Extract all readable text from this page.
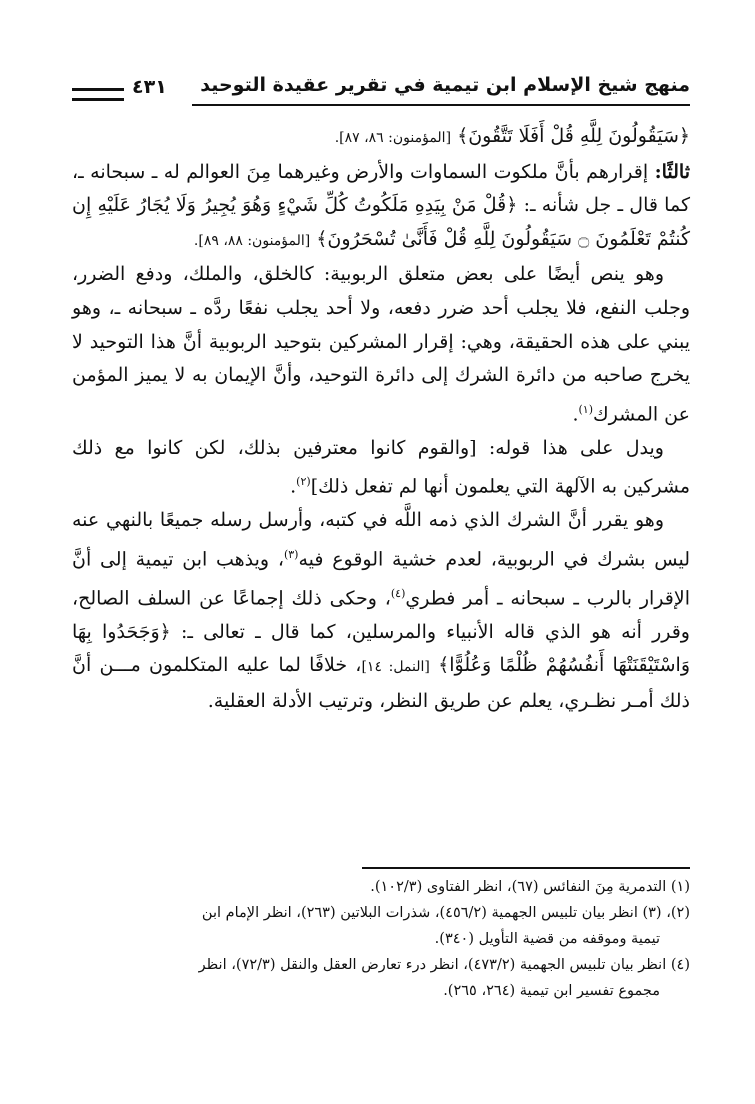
منهج شيخ الإسلام ابن تيمية في تقرير عقيدة التوحيد
٤٣١

﴿سَيَقُولُونَ لِلَّهِ قُلْ أَفَلَا تَتَّقُونَ﴾ [المؤمنون: ٨٦، ٨٧].

ثالثًا: إقرارهم بأنَّ ملكوت السماوات والأرض وغيرهما مِنَ العوالم له ـ سبحانه ـ، كما قال ـ جل شأنه ـ: ﴿قُلْ مَنْ بِيَدِهِ مَلَكُوتُ كُلِّ شَيْءٍ وَهُوَ يُجِيرُ وَلَا يُجَارُ عَلَيْهِ إِن كُنتُمْ تَعْلَمُونَ ۝ سَيَقُولُونَ لِلَّهِ قُلْ فَأَنَّىٰ تُسْحَرُونَ﴾ [المؤمنون: ٨٨، ٨٩].

وهو ينص أيضًا على بعض متعلق الربوبية: كالخلق، والملك، ودفع الضرر، وجلب النفع، فلا يجلب أحد ضرر دفعه، ولا أحد يجلب نفعًا ردَّه ـ سبحانه ـ، وهو يبني على هذه الحقيقة، وهي: إقرار المشركين بتوحيد الربوبية أنَّ هذا التوحيد لا يخرج صاحبه من دائرة الشرك إلى دائرة التوحيد، وأنَّ الإيمان به لا يميز المؤمن عن المشرك$^{(١)}$.

ويدل على هذا قوله: [والقوم كانوا معترفين بذلك، لكن كانوا مع ذلك مشركين به الآلهة التي يعلمون أنها لم تفعل ذلك]$^{(٢)}$.

وهو يقرر أنَّ الشرك الذي ذمه اللَّه في كتبه، وأرسل رسله جميعًا بالنهي عنه ليس بشرك في الربوبية، لعدم خشية الوقوع فيه$^{(٣)}$، ويذهب ابن تيمية إلى أنَّ الإقرار بالرب ـ سبحانه ـ أمر فطري$^{(٤)}$، وحكى ذلك إجماعًا عن السلف الصالح، وقرر أنه هو الذي قاله الأنبياء والمرسلين، كما قال ـ تعالى ـ: ﴿وَجَحَدُوا بِهَا وَاسْتَيْقَنَتْهَا أَنفُسُهُمْ ظُلْمًا وَعُلُوًّا﴾ [النمل: ١٤]، خلافًا لما عليه المتكلمون مـــن أنَّ ذلك أمـر نظـري، يعلم عن طريق النظر، وترتيب الأدلة العقلية.

(١) التدمرية مِنَ النفائس (٦٧)، انظر الفتاوى (١٠٢/٣).

(٢)، (٣) انظر بيان تلبيس الجهمية (٤٥٦/٢)، شذرات البلاتين (٢٦٣)، انظر الإمام ابن

تيمية وموقفه من قضية التأويل (٣٤٠).

(٤) انظر بيان تلبيس الجهمية (٤٧٣/٢)، انظر درء تعارض العقل والنقل (٧٢/٣)، انظر

مجموع تفسير ابن تيمية (٢٦٤، ٢٦٥).
